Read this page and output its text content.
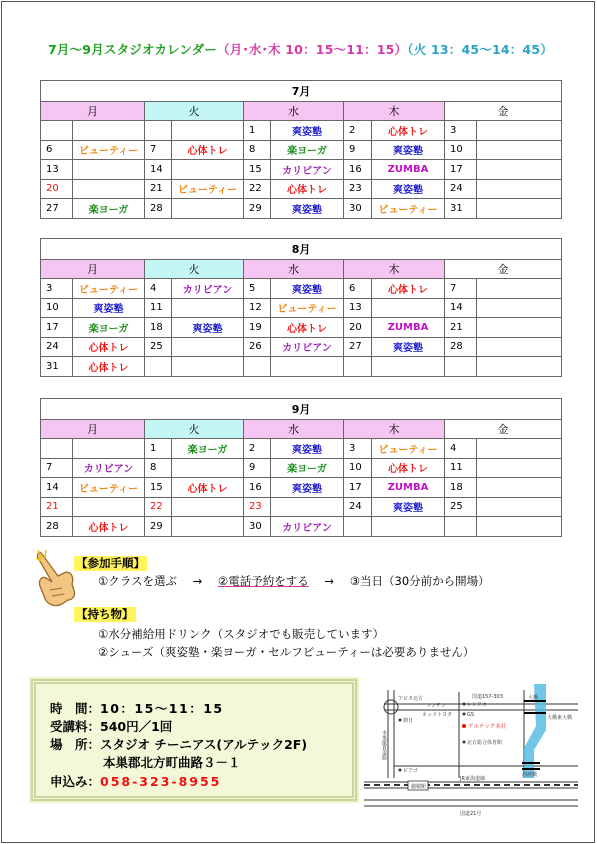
7月～9月スタジオカレンダー（月･水･木 10：15～11：15）（火 13：45～14：45）
7月									
月		火		水		木		金	
				1	爽姿塾	2	心体トレ	3	
6	ビューティー	7	心体トレ	8	楽ヨーガ	9	爽姿塾	10	
13		14		15	カリビアン	16	ZUMBA	17	
20		21	ビューティー	22	心体トレ	23	爽姿塾	24	
27	楽ヨーガ	28		29	爽姿塾	30	ビューティー	31	
8月									
月		火		水		木		金	
3	ビューティー	4	カリビアン	5	爽姿塾	6	心体トレ	7	
10	爽姿塾	11		12	ビューティー	13		14	
17	楽ヨーガ	18	爽姿塾	19	心体トレ	20	ZUMBA	21	
24	心体トレ	25		26	カリビアン	27	爽姿塾	28	
31	心体トレ								
9月									
月		火		水		木		金	
		1	楽ヨーガ	2	爽姿塾	3	ビューティー	4	
7	カリビアン	8		9	楽ヨーガ	10	心体トレ	11	
14	ビューティー	15	心体トレ	16	爽姿塾	17	ZUMBA	18	
21		22		23		24	爽姿塾	25	
28	心体トレ	29		30	カリビアン				
【参加手順】
①クラスを選ぶ → ②電話予約をする → ③当日（30分前から開場）
【持ち物】
①水分補給用ドリンク（スタジオでも販売しています）
②シューズ（爽姿塾・楽ヨーガ・セルフビューティーは必要ありません）
時　間：10：15～11：15
受講料：540円／1回
場　所：スタジオ チーニアス(アルテック2F)
本巣郡北方町曲路３－１
申込み：058-323-8955
国道157-303
本巣縦貫道路
JR東海道線
穂積駅
国道21号
アピタ北方
マンテン	レンタカー
大橋
大橋東大橋
朝日
GS
ネッツトヨタ
アルテック本社
北方総合体育館
河渡橋
ピアゴ
